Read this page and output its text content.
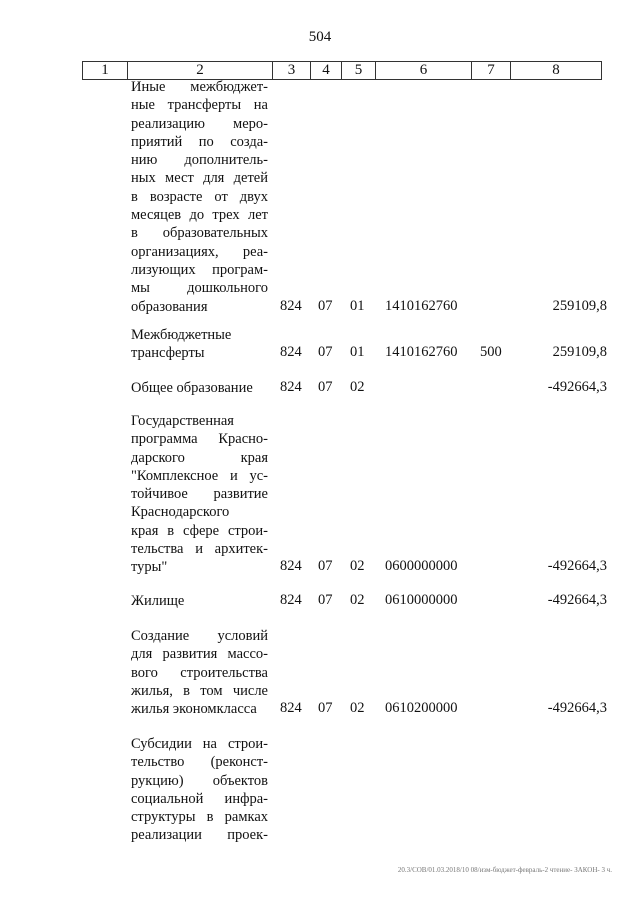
504
1	2	3	4	5	6	7	8
Иные межбюджет-
ные трансферты на
реализацию меро-
приятий по созда-
нию дополнитель-
ных мест для детей
в возрасте от двух
месяцев до трех лет
в образовательных
организациях, реа-
лизующих програм-
мы дошкольного
образования	824 07 01 1410162760	259109,8
Межбюджетные
трансферты	824 07 01 1410162760 500	259109,8
Общее образование	824 07 02	-492664,3
Государственная
программа Красно-
дарского края
"Комплексное и ус-
тойчивое развитие
Краснодарского
края в сфере строи-
тельства и архитек-
туры"	824 07 02 0600000000	-492664,3
Жилище	824 07 02 0610000000	-492664,3
Создание условий
для развития массо-
вого строительства
жилья, в том числе
жилья экономкласса	824 07 02 0610200000	-492664,3
Субсидии на строи-
тельство (реконст-
рукцию) объектов
социальной инфра-
структуры в рамках
реализации проек-
20.3/СОВ/01.03.2018/10 08/изм-бюджет-февраль-2 чтение- ЗАКОН- 3 ч.
